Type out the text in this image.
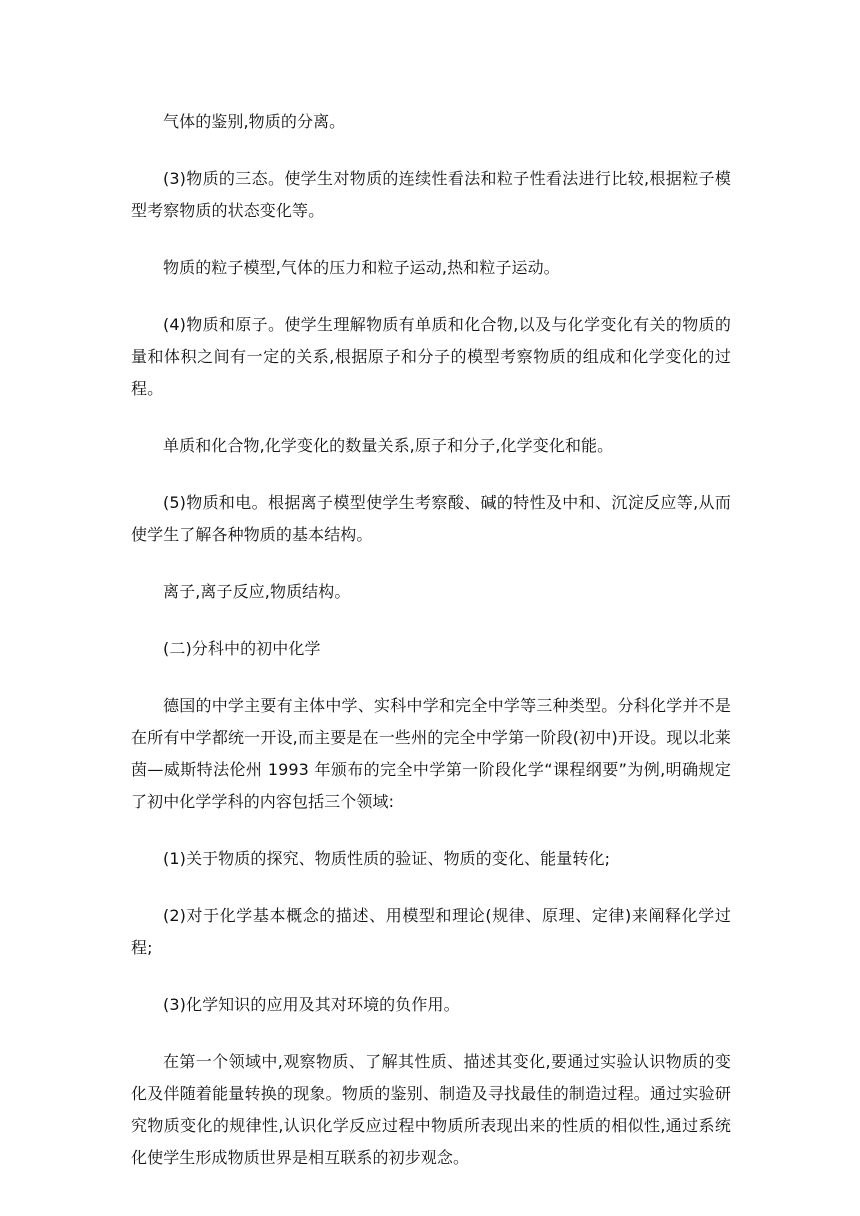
气体的鉴别,物质的分离。

(3)物质的三态。使学生对物质的连续性看法和粒子性看法进行比较,根据粒子模型考察物质的状态变化等。

物质的粒子模型,气体的压力和粒子运动,热和粒子运动。

(4)物质和原子。使学生理解物质有单质和化合物,以及与化学变化有关的物质的量和体积之间有一定的关系,根据原子和分子的模型考察物质的组成和化学变化的过程。

单质和化合物,化学变化的数量关系,原子和分子,化学变化和能。

(5)物质和电。根据离子模型使学生考察酸、碱的特性及中和、沉淀反应等,从而使学生了解各种物质的基本结构。

离子,离子反应,物质结构。

(二)分科中的初中化学

德国的中学主要有主体中学、实科中学和完全中学等三种类型。分科化学并不是在所有中学都统一开设,而主要是在一些州的完全中学第一阶段(初中)开设。现以北莱茵—威斯特法伦州 1993 年颁布的完全中学第一阶段化学“课程纲要”为例,明确规定了初中化学学科的内容包括三个领域:

(1)关于物质的探究、物质性质的验证、物质的变化、能量转化;

(2)对于化学基本概念的描述、用模型和理论(规律、原理、定律)来阐释化学过程;

(3)化学知识的应用及其对环境的负作用。

在第一个领域中,观察物质、了解其性质、描述其变化,要通过实验认识物质的变化及伴随着能量转换的现象。物质的鉴别、制造及寻找最佳的制造过程。通过实验研究物质变化的规律性,认识化学反应过程中物质所表现出来的性质的相似性,通过系统化使学生形成物质世界是相互联系的初步观念。
